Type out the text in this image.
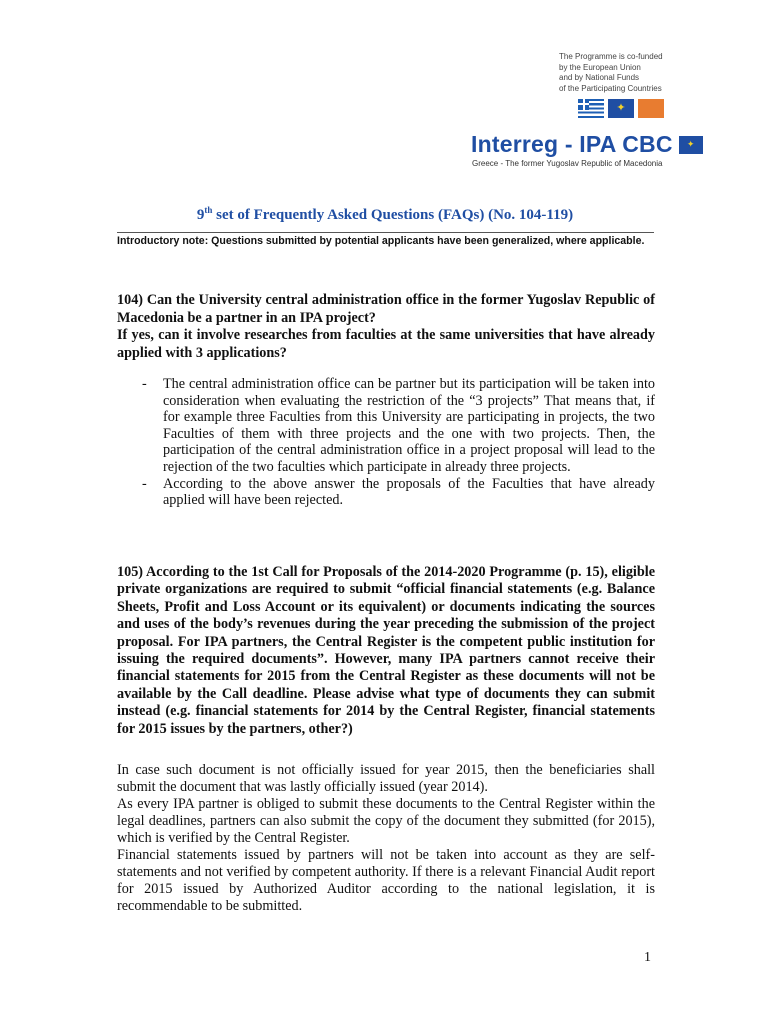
The Programme is co-funded
by the European Union
and by National Funds
of the Participating Countries
✦
Interreg - IPA CBC	✦
Greece - The former Yugoslav Republic of Macedonia
9th set of Frequently Asked Questions (FAQs) (No. 104-119)
Introductory note: Questions submitted by potential applicants have been generalized, where applicable.
104) Can the University central administration office in the former Yugoslav Republic of Macedonia be a partner in an IPA project?
If yes, can it involve researches from faculties at the same universities that have already applied with 3 applications?
-	The central administration office can be partner but its participation will be taken into consideration when evaluating the restriction of the “3 projects” That means that, if for example three Faculties from this University are participating in projects, the two Faculties of them with three projects and the one with two projects. Then, the participation of the central administration office in a project proposal will lead to the rejection of the two faculties which participate in already three projects.
-	According to the above answer the proposals of the Faculties that have already applied will have been rejected.
105) According to the 1st Call for Proposals of the 2014-2020 Programme (p. 15), eligible private organizations are required to submit “official financial statements (e.g. Balance Sheets, Profit and Loss Account or its equivalent) or documents indicating the sources and uses of the body’s revenues during the year preceding the submission of the project proposal. For IPA partners, the Central Register is the competent public institution for issuing the required documents”. However, many IPA partners cannot receive their financial statements for 2015 from the Central Register as these documents will not be available by the Call deadline. Please advise what type of documents they can submit instead (e.g. financial statements for 2014 by the Central Register, financial statements for 2015 issues by the partners, other?)

In case such document is not officially issued for year 2015, then the beneficiaries shall submit the document that was lastly officially issued (year 2014).

As every IPA partner is obliged to submit these documents to the Central Register within the legal deadlines, partners can also submit the copy of the document they submitted (for 2015), which is verified by the Central Register.

Financial statements issued by partners will not be taken into account as they are self-statements and not verified by competent authority. If there is a relevant Financial Audit report for 2015 issued by Authorized Auditor according to the national legislation, it is recommendable to be submitted.

1
